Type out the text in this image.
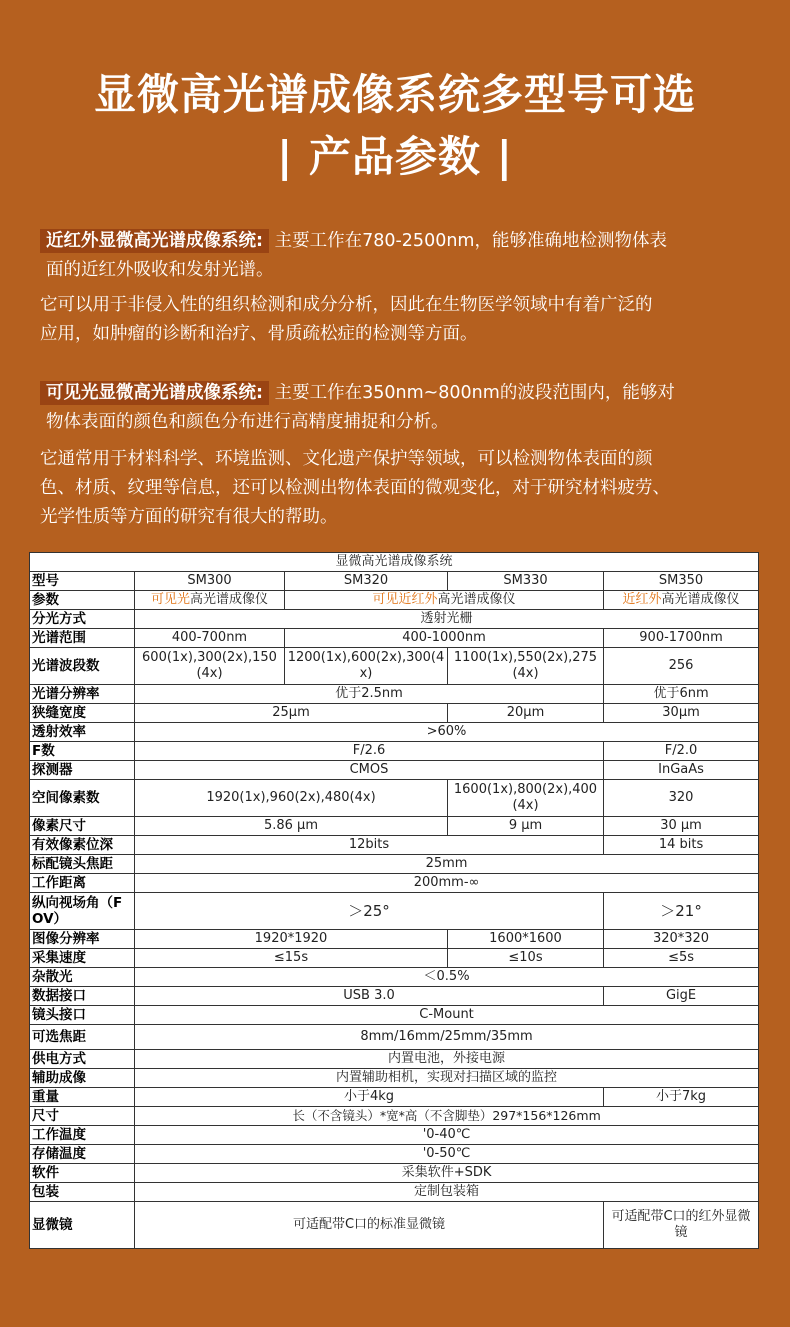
显微高光谱成像系统多型号可选
| 产品参数 |
近红外显微高光谱成像系统: 主要工作在780-2500nm，能够准确地检测物体表
面的近红外吸收和发射光谱。
它可以用于非侵入性的组织检测和成分分析，因此在生物医学领域中有着广泛的
应用，如肿瘤的诊断和治疗、骨质疏松症的检测等方面。
可见光显微高光谱成像系统: 主要工作在350nm~800nm的波段范围内，能够对
物体表面的颜色和颜色分布进行高精度捕捉和分析。
它通常用于材料科学、环境监测、文化遗产保护等领域，可以检测物体表面的颜
色、材质、纹理等信息，还可以检测出物体表面的微观变化，对于研究材料疲劳、
光学性质等方面的研究有很大的帮助。
显微高光谱成像系统				
型号	SM300	SM320	SM330	SM350
参数	可见光高光谱成像仪	可见近红外高光谱成像仪		近红外高光谱成像仪
分光方式	透射光栅			
光谱范围	400-700nm	400-1000nm		900-1700nm
光谱波段数	600(1x),300(2x),150(4x)	1200(1x),600(2x),300(4x)	1100(1x),550(2x),275(4x)	256
光谱分辨率	优于2.5nm			优于6nm
狭缝宽度	25μm		20μm	30μm
透射效率	>60%			
F数	F/2.6			F/2.0
探测器	CMOS			InGaAs
空间像素数	1920(1x),960(2x),480(4x)		1600(1x),800(2x),400(4x)	320
像素尺寸	5.86 μm		9 μm	30 μm
有效像素位深	12bits			14 bits
标配镜头焦距	25mm			
工作距离	200mm-∞			
纵向视场角（FOV）	＞25°			＞21°
图像分辨率	1920*1920		1600*1600	320*320
采集速度	≤15s		≤10s	≤5s
杂散光	＜0.5%			
数据接口	USB 3.0			GigE
镜头接口	C-Mount			
可选焦距	8mm/16mm/25mm/35mm			
供电方式	内置电池，外接电源			
辅助成像	内置辅助相机，实现对扫描区域的监控			
重量	小于4kg			小于7kg
尺寸	长（不含镜头）*宽*高（不含脚垫）297*156*126mm			
工作温度	'0-40℃			
存储温度	'0-50℃			
软件	采集软件+SDK			
包装	定制包装箱			
显微镜	可适配带C口的标准显微镜			可适配带C口的红外显微镜
